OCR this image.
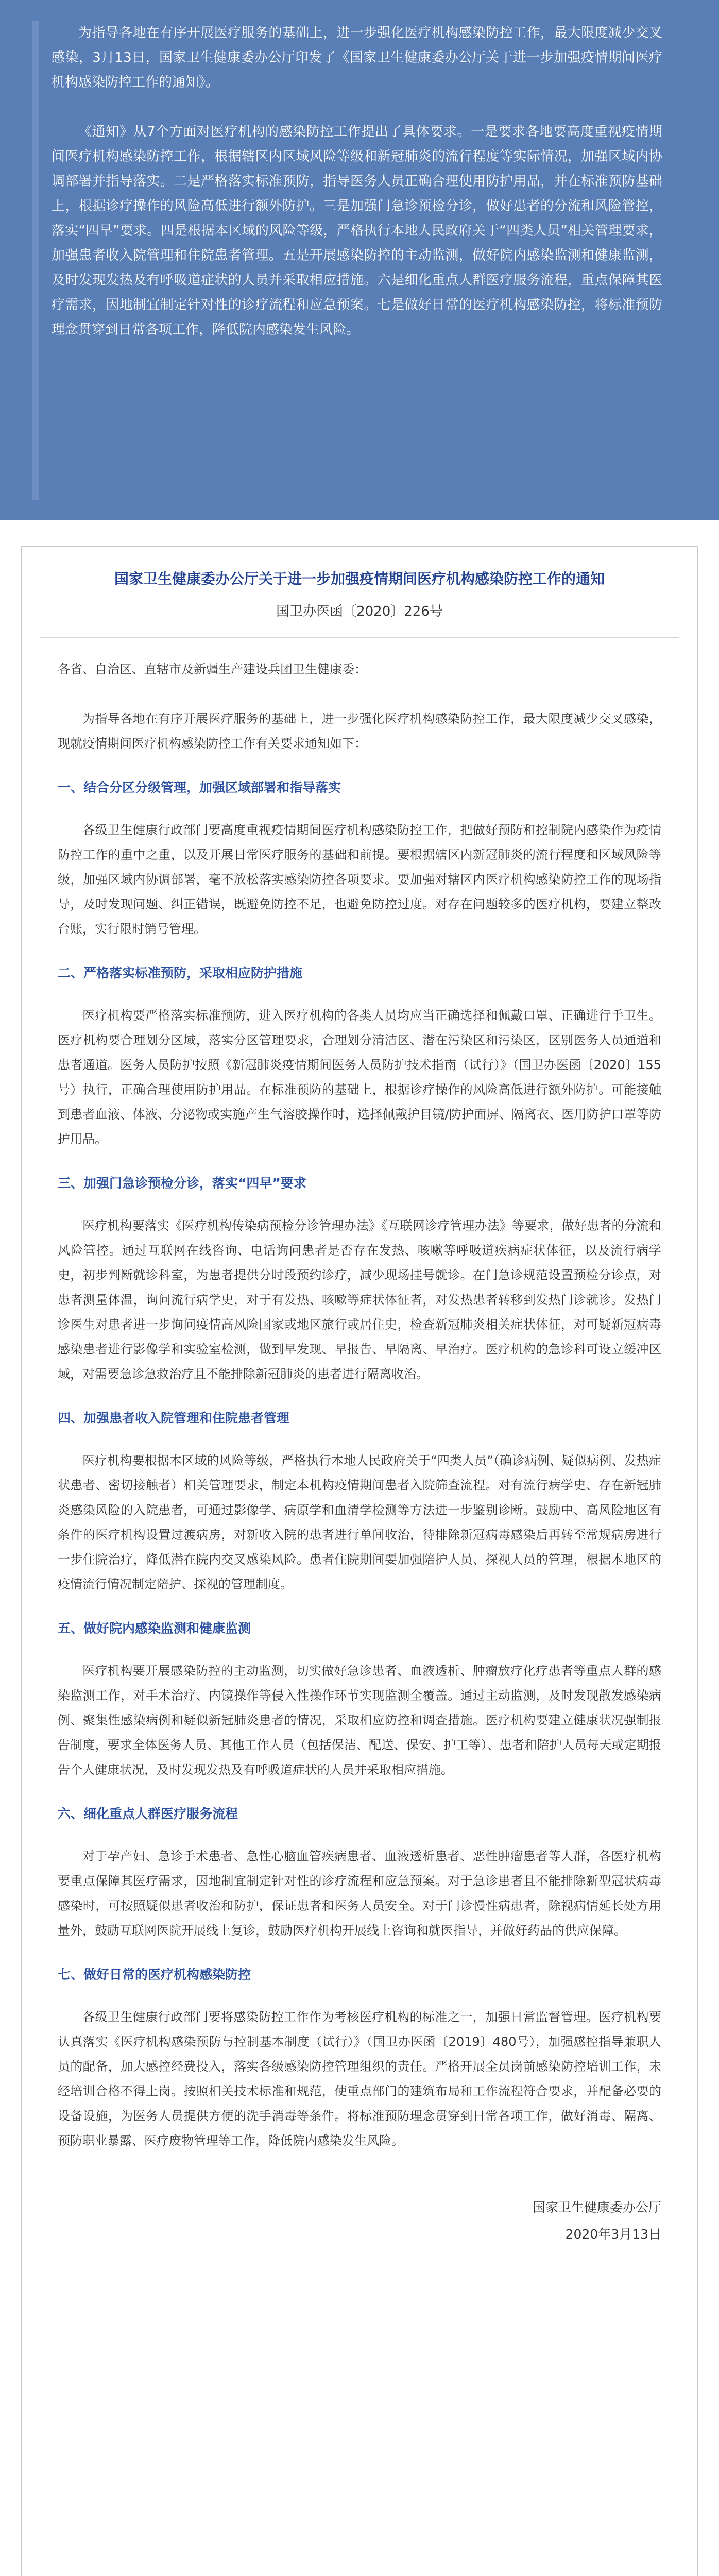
为指导各地在有序开展医疗服务的基础上，进一步强化医疗机构感染防控工作，最大限度减少交叉感染，3月13日，国家卫生健康委办公厅印发了《国家卫生健康委办公厅关于进一步加强疫情期间医疗机构感染防控工作的通知》。

《通知》从7个方面对医疗机构的感染防控工作提出了具体要求。一是要求各地要高度重视疫情期间医疗机构感染防控工作，根据辖区内区域风险等级和新冠肺炎的流行程度等实际情况，加强区域内协调部署并指导落实。二是严格落实标准预防，指导医务人员正确合理使用防护用品，并在标准预防基础上，根据诊疗操作的风险高低进行额外防护。三是加强门急诊预检分诊，做好患者的分流和风险管控，落实“四早”要求。四是根据本区域的风险等级，严格执行本地人民政府关于“四类人员”相关管理要求，加强患者收入院管理和住院患者管理。五是开展感染防控的主动监测，做好院内感染监测和健康监测，及时发现发热及有呼吸道症状的人员并采取相应措施。六是细化重点人群医疗服务流程，重点保障其医疗需求，因地制宜制定针对性的诊疗流程和应急预案。七是做好日常的医疗机构感染防控，将标准预防理念贯穿到日常各项工作，降低院内感染发生风险。

国家卫生健康委办公厅关于进一步加强疫情期间医疗机构感染防控工作的通知
国卫办医函〔2020〕226号

各省、自治区、直辖市及新疆生产建设兵团卫生健康委：

为指导各地在有序开展医疗服务的基础上，进一步强化医疗机构感染防控工作，最大限度减少交叉感染，现就疫情期间医疗机构感染防控工作有关要求通知如下：

一、结合分区分级管理，加强区域部署和指导落实

各级卫生健康行政部门要高度重视疫情期间医疗机构感染防控工作，把做好预防和控制院内感染作为疫情防控工作的重中之重，以及开展日常医疗服务的基础和前提。要根据辖区内新冠肺炎的流行程度和区域风险等级，加强区域内协调部署，毫不放松落实感染防控各项要求。要加强对辖区内医疗机构感染防控工作的现场指导，及时发现问题、纠正错误，既避免防控不足，也避免防控过度。对存在问题较多的医疗机构，要建立整改台账，实行限时销号管理。

二、严格落实标准预防，采取相应防护措施

医疗机构要严格落实标准预防，进入医疗机构的各类人员均应当正确选择和佩戴口罩、正确进行手卫生。医疗机构要合理划分区域，落实分区管理要求，合理划分清洁区、潜在污染区和污染区，区别医务人员通道和患者通道。医务人员防护按照《新冠肺炎疫情期间医务人员防护技术指南（试行）》（国卫办医函〔2020〕155号）执行，正确合理使用防护用品。在标准预防的基础上，根据诊疗操作的风险高低进行额外防护。可能接触到患者血液、体液、分泌物或实施产生气溶胶操作时，选择佩戴护目镜/防护面屏、隔离衣、医用防护口罩等防护用品。

三、加强门急诊预检分诊，落实“四早”要求

医疗机构要落实《医疗机构传染病预检分诊管理办法》《互联网诊疗管理办法》等要求，做好患者的分流和风险管控。通过互联网在线咨询、电话询问患者是否存在发热、咳嗽等呼吸道疾病症状体征，以及流行病学史，初步判断就诊科室，为患者提供分时段预约诊疗，减少现场挂号就诊。在门急诊规范设置预检分诊点，对患者测量体温，询问流行病学史，对于有发热、咳嗽等症状体征者，对发热患者转移到发热门诊就诊。发热门诊医生对患者进一步询问疫情高风险国家或地区旅行或居住史，检查新冠肺炎相关症状体征，对可疑新冠病毒感染患者进行影像学和实验室检测，做到早发现、早报告、早隔离、早治疗。医疗机构的急诊科可设立缓冲区域，对需要急诊急救治疗且不能排除新冠肺炎的患者进行隔离收治。

四、加强患者收入院管理和住院患者管理

医疗机构要根据本区域的风险等级，严格执行本地人民政府关于“四类人员”（确诊病例、疑似病例、发热症状患者、密切接触者）相关管理要求，制定本机构疫情期间患者入院筛查流程。对有流行病学史、存在新冠肺炎感染风险的入院患者，可通过影像学、病原学和血清学检测等方法进一步鉴别诊断。鼓励中、高风险地区有条件的医疗机构设置过渡病房，对新收入院的患者进行单间收治，待排除新冠病毒感染后再转至常规病房进行一步住院治疗，降低潜在院内交叉感染风险。患者住院期间要加强陪护人员、探视人员的管理，根据本地区的疫情流行情况制定陪护、探视的管理制度。

五、做好院内感染监测和健康监测

医疗机构要开展感染防控的主动监测，切实做好急诊患者、血液透析、肿瘤放疗化疗患者等重点人群的感染监测工作，对手术治疗、内镜操作等侵入性操作环节实现监测全覆盖。通过主动监测，及时发现散发感染病例、聚集性感染病例和疑似新冠肺炎患者的情况，采取相应防控和调查措施。医疗机构要建立健康状况强制报告制度，要求全体医务人员、其他工作人员（包括保洁、配送、保安、护工等）、患者和陪护人员每天或定期报告个人健康状况，及时发现发热及有呼吸道症状的人员并采取相应措施。

六、细化重点人群医疗服务流程

对于孕产妇、急诊手术患者、急性心脑血管疾病患者、血液透析患者、恶性肿瘤患者等人群，各医疗机构要重点保障其医疗需求，因地制宜制定针对性的诊疗流程和应急预案。对于急诊患者且不能排除新型冠状病毒感染时，可按照疑似患者收治和防护，保证患者和医务人员安全。对于门诊慢性病患者，除视病情延长处方用量外，鼓励互联网医院开展线上复诊，鼓励医疗机构开展线上咨询和就医指导，并做好药品的供应保障。

七、做好日常的医疗机构感染防控

各级卫生健康行政部门要将感染防控工作作为考核医疗机构的标准之一，加强日常监督管理。医疗机构要认真落实《医疗机构感染预防与控制基本制度（试行）》（国卫办医函〔2019〕480号），加强感控指导兼职人员的配备，加大感控经费投入，落实各级感染防控管理组织的责任。严格开展全员岗前感染防控培训工作，未经培训合格不得上岗。按照相关技术标准和规范，使重点部门的建筑布局和工作流程符合要求，并配备必要的设备设施，为医务人员提供方便的洗手消毒等条件。将标准预防理念贯穿到日常各项工作，做好消毒、隔离、预防职业暴露、医疗废物管理等工作，降低院内感染发生风险。

国家卫生健康委办公厅
2020年3月13日
